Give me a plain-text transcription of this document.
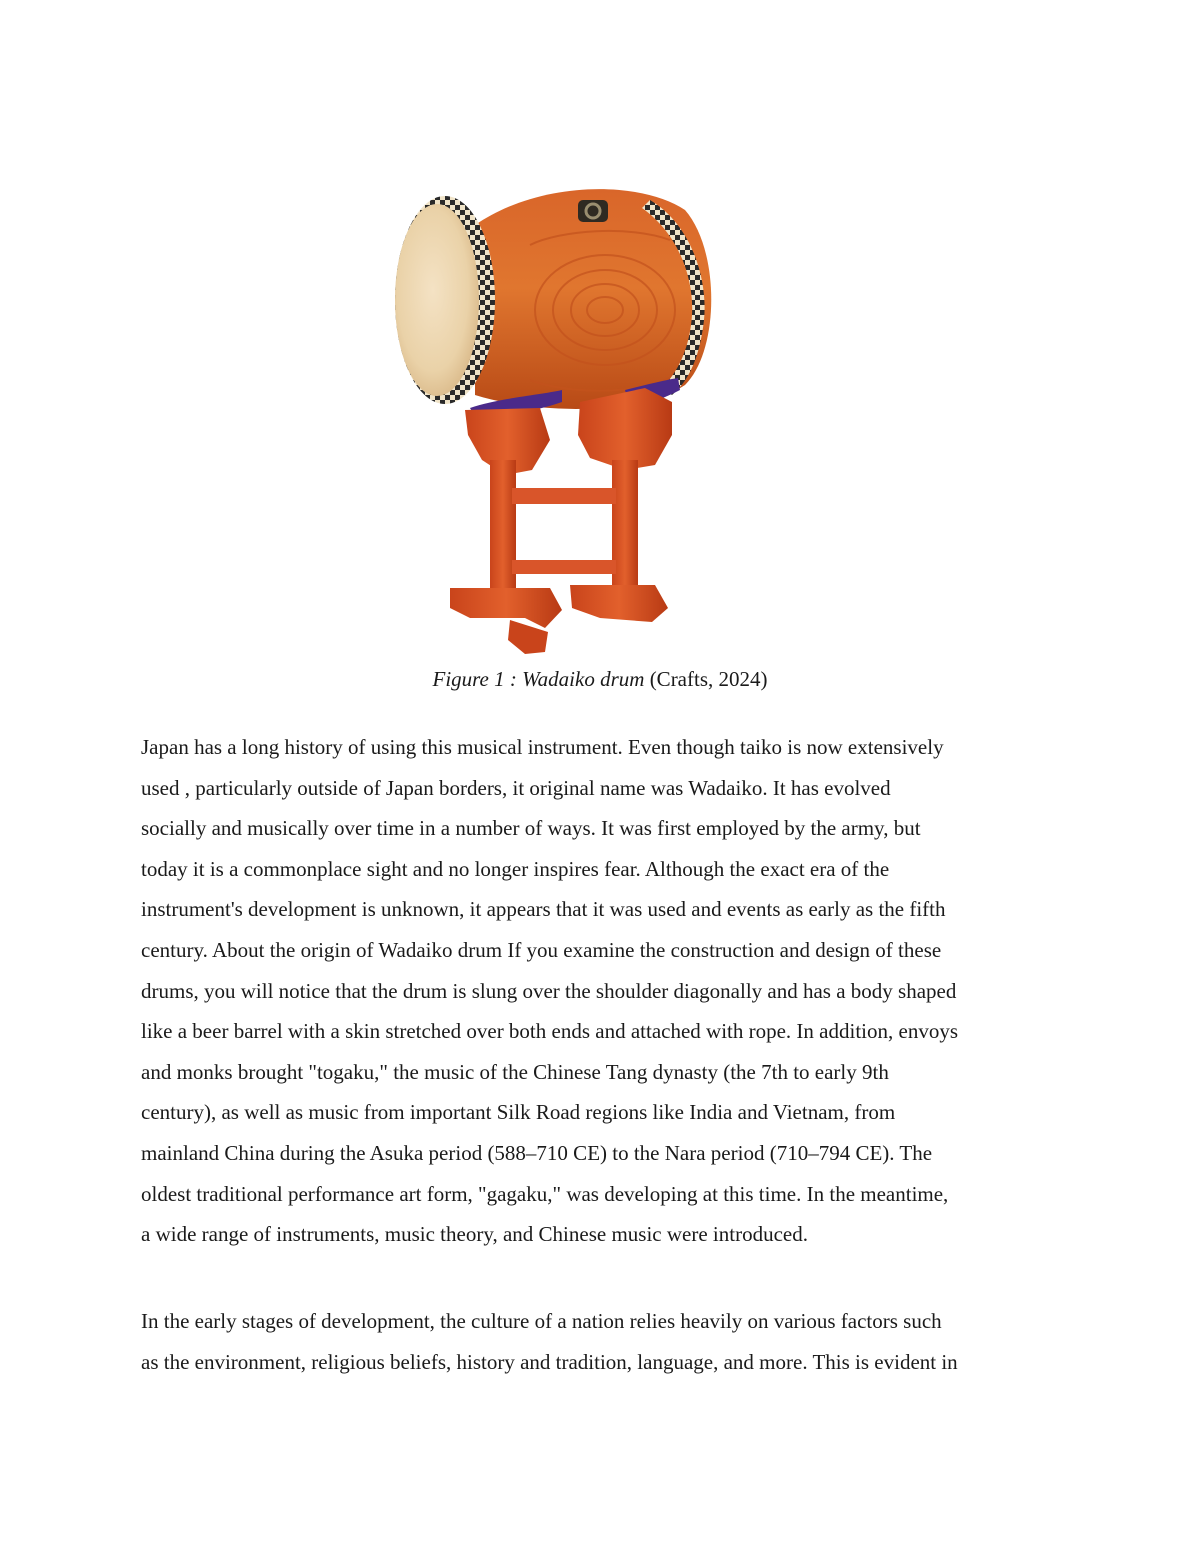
Figure 1 : Wadaiko drum (Crafts, 2024)
Japan has a long history of using this musical instrument. Even though taiko is now extensively
used , particularly outside of Japan borders, it original name was Wadaiko. It has evolved
socially and musically over time in a number of ways. It was first employed by the army, but
today it is a commonplace sight and no longer inspires fear. Although the exact era of the
instrument's development is unknown, it appears that it was used and events as early as the fifth
century. About the origin of Wadaiko drum If you examine the construction and design of these
drums, you will notice that the drum is slung over the shoulder diagonally and has a body shaped
like a beer barrel with a skin stretched over both ends and attached with rope. In addition, envoys
and monks brought "togaku," the music of the Chinese Tang dynasty (the 7th to early 9th
century), as well as music from important Silk Road regions like India and Vietnam, from
mainland China during the Asuka period (588–710 CE) to the Nara period (710–794 CE). The
oldest traditional performance art form, "gagaku," was developing at this time. In the meantime,
a wide range of instruments, music theory, and Chinese music were introduced.
In the early stages of development, the culture of a nation relies heavily on various factors such
as the environment, religious beliefs, history and tradition, language, and more. This is evident in
